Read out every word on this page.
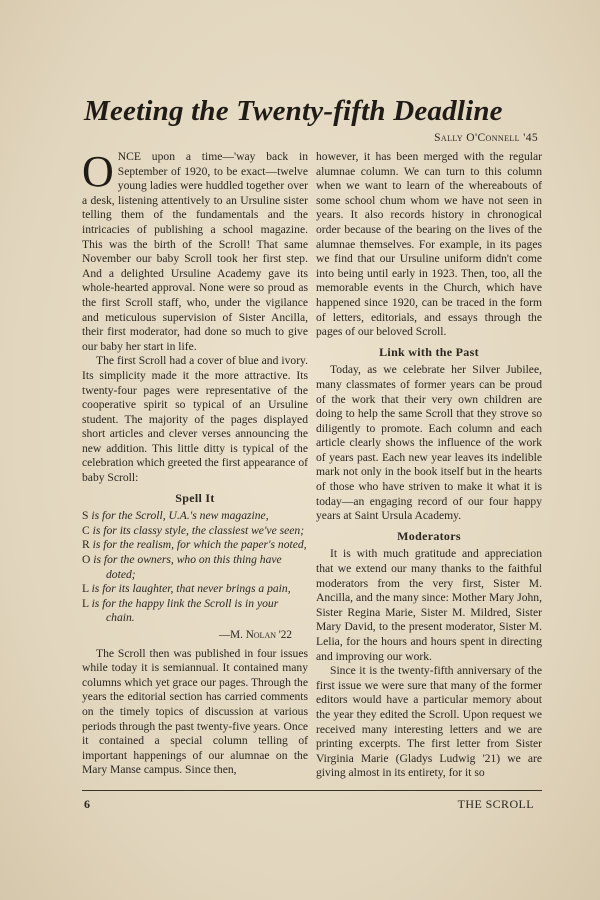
Meeting the Twenty-fifth Deadline
Sally O'Connell '45

ONCE upon a time—'way back in September of 1920, to be exact—twelve young ladies were huddled together over a desk, listening attentively to an Ursuline sister telling them of the fundamentals and the intricacies of publishing a school magazine. This was the birth of the Scroll! That same November our baby Scroll took her first step. And a delighted Ursuline Academy gave its whole-hearted approval. None were so proud as the first Scroll staff, who, under the vigilance and meticulous supervision of Sister Ancilla, their first moderator, had done so much to give our baby her start in life.

The first Scroll had a cover of blue and ivory. Its simplicity made it the more attractive. Its twenty-four pages were representative of the cooperative spirit so typical of an Ursuline student. The majority of the pages displayed short articles and clever verses announcing the new addition. This little ditty is typical of the celebration which greeted the first appearance of baby Scroll:

Spell It
S is for the Scroll, U.A.'s new magazine,
C is for its classy style, the classiest we've seen;
R is for the realism, for which the paper's noted,
O is for the owners, who on this thing have doted;
L is for its laughter, that never brings a pain,
L is for the happy link the Scroll is in your chain.
—M. Nolan '22

The Scroll then was published in four issues while today it is semiannual. It contained many columns which yet grace our pages. Through the years the editorial section has carried comments on the timely topics of discussion at various periods through the past twenty-five years. Once it contained a special column telling of important happenings of our alumnae on the Mary Manse campus. Since then,

however, it has been merged with the regular alumnae column. We can turn to this column when we want to learn of the whereabouts of some school chum whom we have not seen in years. It also records history in chronogical order because of the bearing on the lives of the alumnae themselves. For example, in its pages we find that our Ursuline uniform didn't come into being until early in 1923. Then, too, all the memorable events in the Church, which have happened since 1920, can be traced in the form of letters, editorials, and essays through the pages of our beloved Scroll.

Link with the Past

Today, as we celebrate her Silver Jubilee, many classmates of former years can be proud of the work that their very own children are doing to help the same Scroll that they strove so diligently to promote. Each column and each article clearly shows the influence of the work of years past. Each new year leaves its indelible mark not only in the book itself but in the hearts of those who have striven to make it what it is today—an engaging record of our four happy years at Saint Ursula Academy.

Moderators

It is with much gratitude and appreciation that we extend our many thanks to the faithful moderators from the very first, Sister M. Ancilla, and the many since: Mother Mary John, Sister Regina Marie, Sister M. Mildred, Sister Mary David, to the present moderator, Sister M. Lelia, for the hours and hours spent in directing and improving our work.

Since it is the twenty-fifth anniversary of the first issue we were sure that many of the former editors would have a particular memory about the year they edited the Scroll. Upon request we received many interesting letters and we are printing excerpts. The first letter from Sister Virginia Marie (Gladys Ludwig '21) we are giving almost in its entirety, for it so

6	THE SCROLL
